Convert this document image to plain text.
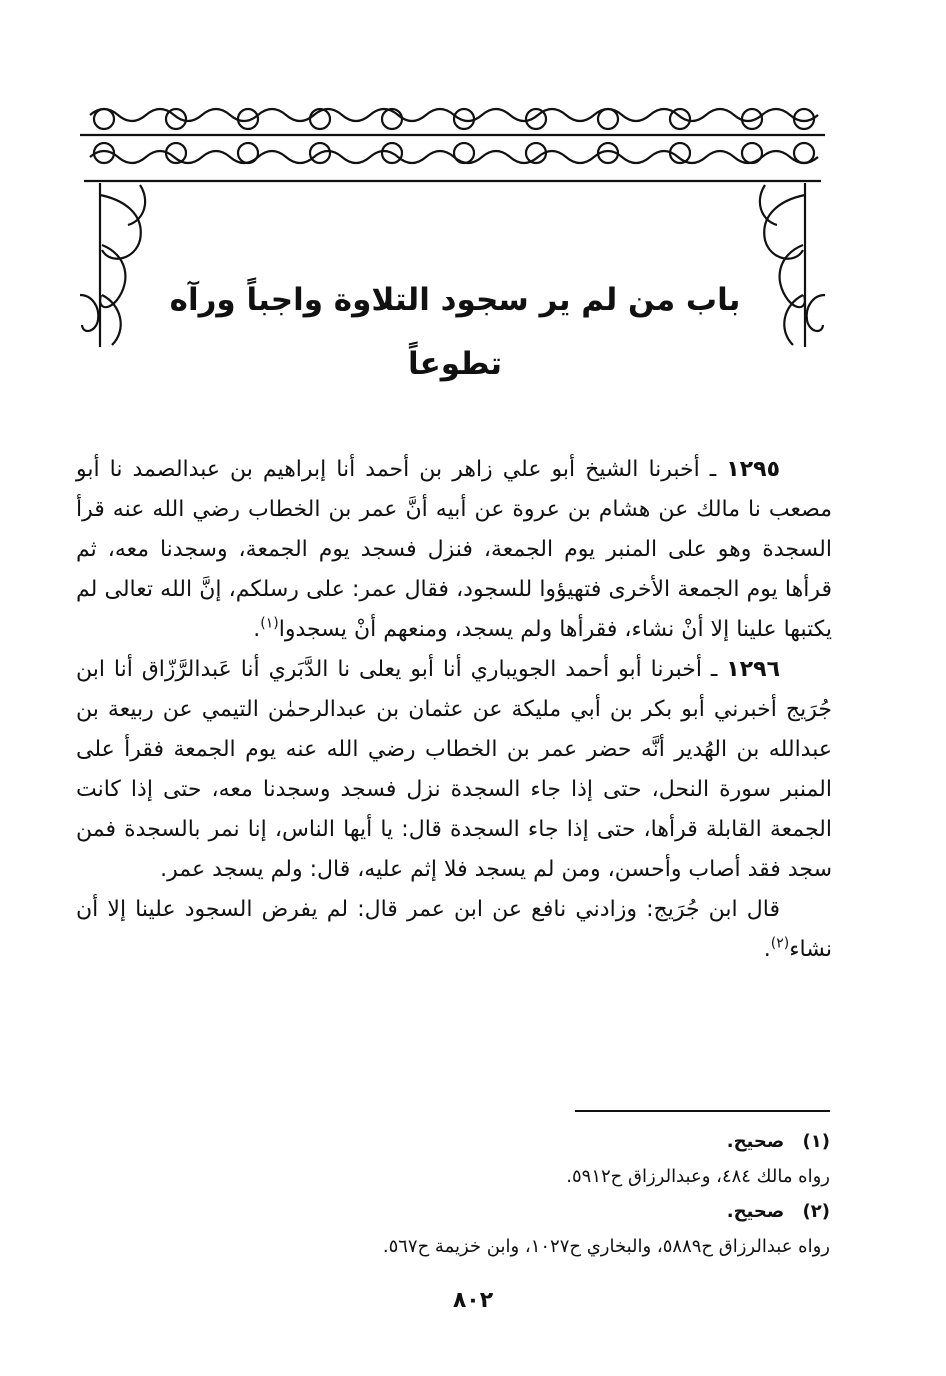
باب من لم ير سجود التلاوة واجباً ورآه تطوعاً

١٢٩٥ ـ أخبرنا الشيخ أبو علي زاهر بن أحمد أنا إبراهيم بن عبدالصمد نا أبو مصعب نا مالك عن هشام بن عروة عن أبيه أنَّ عمر بن الخطاب رضي الله عنه قرأ السجدة وهو على المنبر يوم الجمعة، فنزل فسجد يوم الجمعة، وسجدنا معه، ثم قرأها يوم الجمعة الأخرى فتهيؤوا للسجود، فقال عمر: على رسلكم، إنَّ الله تعالى لم يكتبها علينا إلا أنْ نشاء، فقرأها ولم يسجد، ومنعهم أنْ يسجدوا$^{(١)}$.

١٢٩٦ ـ أخبرنا أبو أحمد الجويباري أنا أبو يعلى نا الدَّبَري أنا عَبدالرَّزّاق أنا ابن جُرَيج أخبرني أبو بكر بن أبي مليكة عن عثمان بن عبدالرحمٰن التيمي عن ربيعة بن عبدالله بن الهُدير أنَّه حضر عمر بن الخطاب رضي الله عنه يوم الجمعة فقرأ على المنبر سورة النحل، حتى إذا جاء السجدة نزل فسجد وسجدنا معه، حتى إذا كانت الجمعة القابلة قرأها، حتى إذا جاء السجدة قال: يا أيها الناس، إنا نمر بالسجدة فمن سجد فقد أصاب وأحسن، ومن لم يسجد فلا إثم عليه، قال: ولم يسجد عمر.

قال ابن جُرَيج: وزادني نافع عن ابن عمر قال: لم يفرض السجود علينا إلا أن نشاء$^{(٢)}$.

(١) صحيح.
رواه مالك ٤٨٤، وعبدالرزاق ح٥٩١٢.
(٢) صحيح.
رواه عبدالرزاق ح٥٨٨٩، والبخاري ح١٠٢٧، وابن خزيمة ح٥٦٧.
٨٠٢
